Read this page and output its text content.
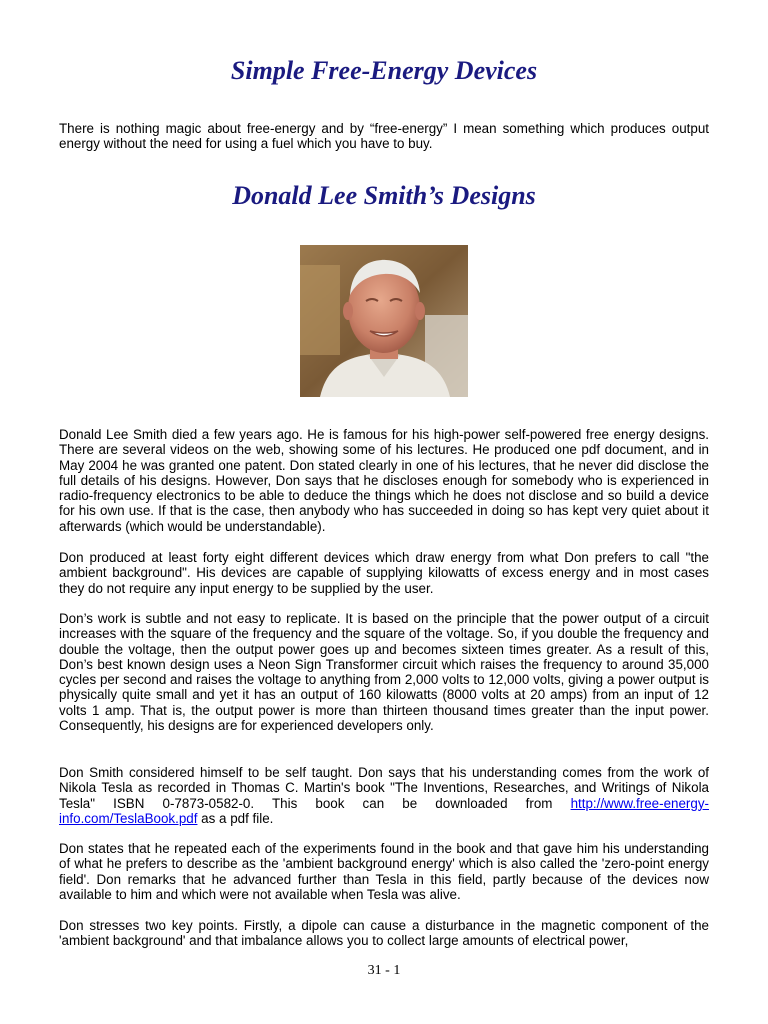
Simple Free-Energy Devices

There is nothing magic about free-energy and by “free-energy” I mean something which produces output energy without the need for using a fuel which you have to buy.

Donald Lee Smith’s Designs

Donald Lee Smith died a few years ago. He is famous for his high-power self-powered free energy designs. There are several videos on the web, showing some of his lectures. He produced one pdf document, and in May 2004 he was granted one patent. Don stated clearly in one of his lectures, that he never did disclose the full details of his designs. However, Don says that he discloses enough for somebody who is experienced in radio-frequency electronics to be able to deduce the things which he does not disclose and so build a device for his own use. If that is the case, then anybody who has succeeded in doing so has kept very quiet about it afterwards (which would be understandable).

Don produced at least forty eight different devices which draw energy from what Don prefers to call "the ambient background". His devices are capable of supplying kilowatts of excess energy and in most cases they do not require any input energy to be supplied by the user.

Don’s work is subtle and not easy to replicate. It is based on the principle that the power output of a circuit increases with the square of the frequency and the square of the voltage. So, if you double the frequency and double the voltage, then the output power goes up and becomes sixteen times greater. As a result of this, Don’s best known design uses a Neon Sign Transformer circuit which raises the frequency to around 35,000 cycles per second and raises the voltage to anything from 2,000 volts to 12,000 volts, giving a power output is physically quite small and yet it has an output of 160 kilowatts (8000 volts at 20 amps) from an input of 12 volts 1 amp. That is, the output power is more than thirteen thousand times greater than the input power. Consequently, his designs are for experienced developers only.

Don Smith considered himself to be self taught. Don says that his understanding comes from the work of Nikola Tesla as recorded in Thomas C. Martin's book "The Inventions, Researches, and Writings of Nikola Tesla" ISBN 0-7873-0582-0. This book can be downloaded from http://www.free-energy-info.com/TeslaBook.pdf as a pdf file.

Don states that he repeated each of the experiments found in the book and that gave him his understanding of what he prefers to describe as the 'ambient background energy' which is also called the 'zero-point energy field'. Don remarks that he advanced further than Tesla in this field, partly because of the devices now available to him and which were not available when Tesla was alive.

Don stresses two key points. Firstly, a dipole can cause a disturbance in the magnetic component of the 'ambient background' and that imbalance allows you to collect large amounts of electrical power,

31 - 1
